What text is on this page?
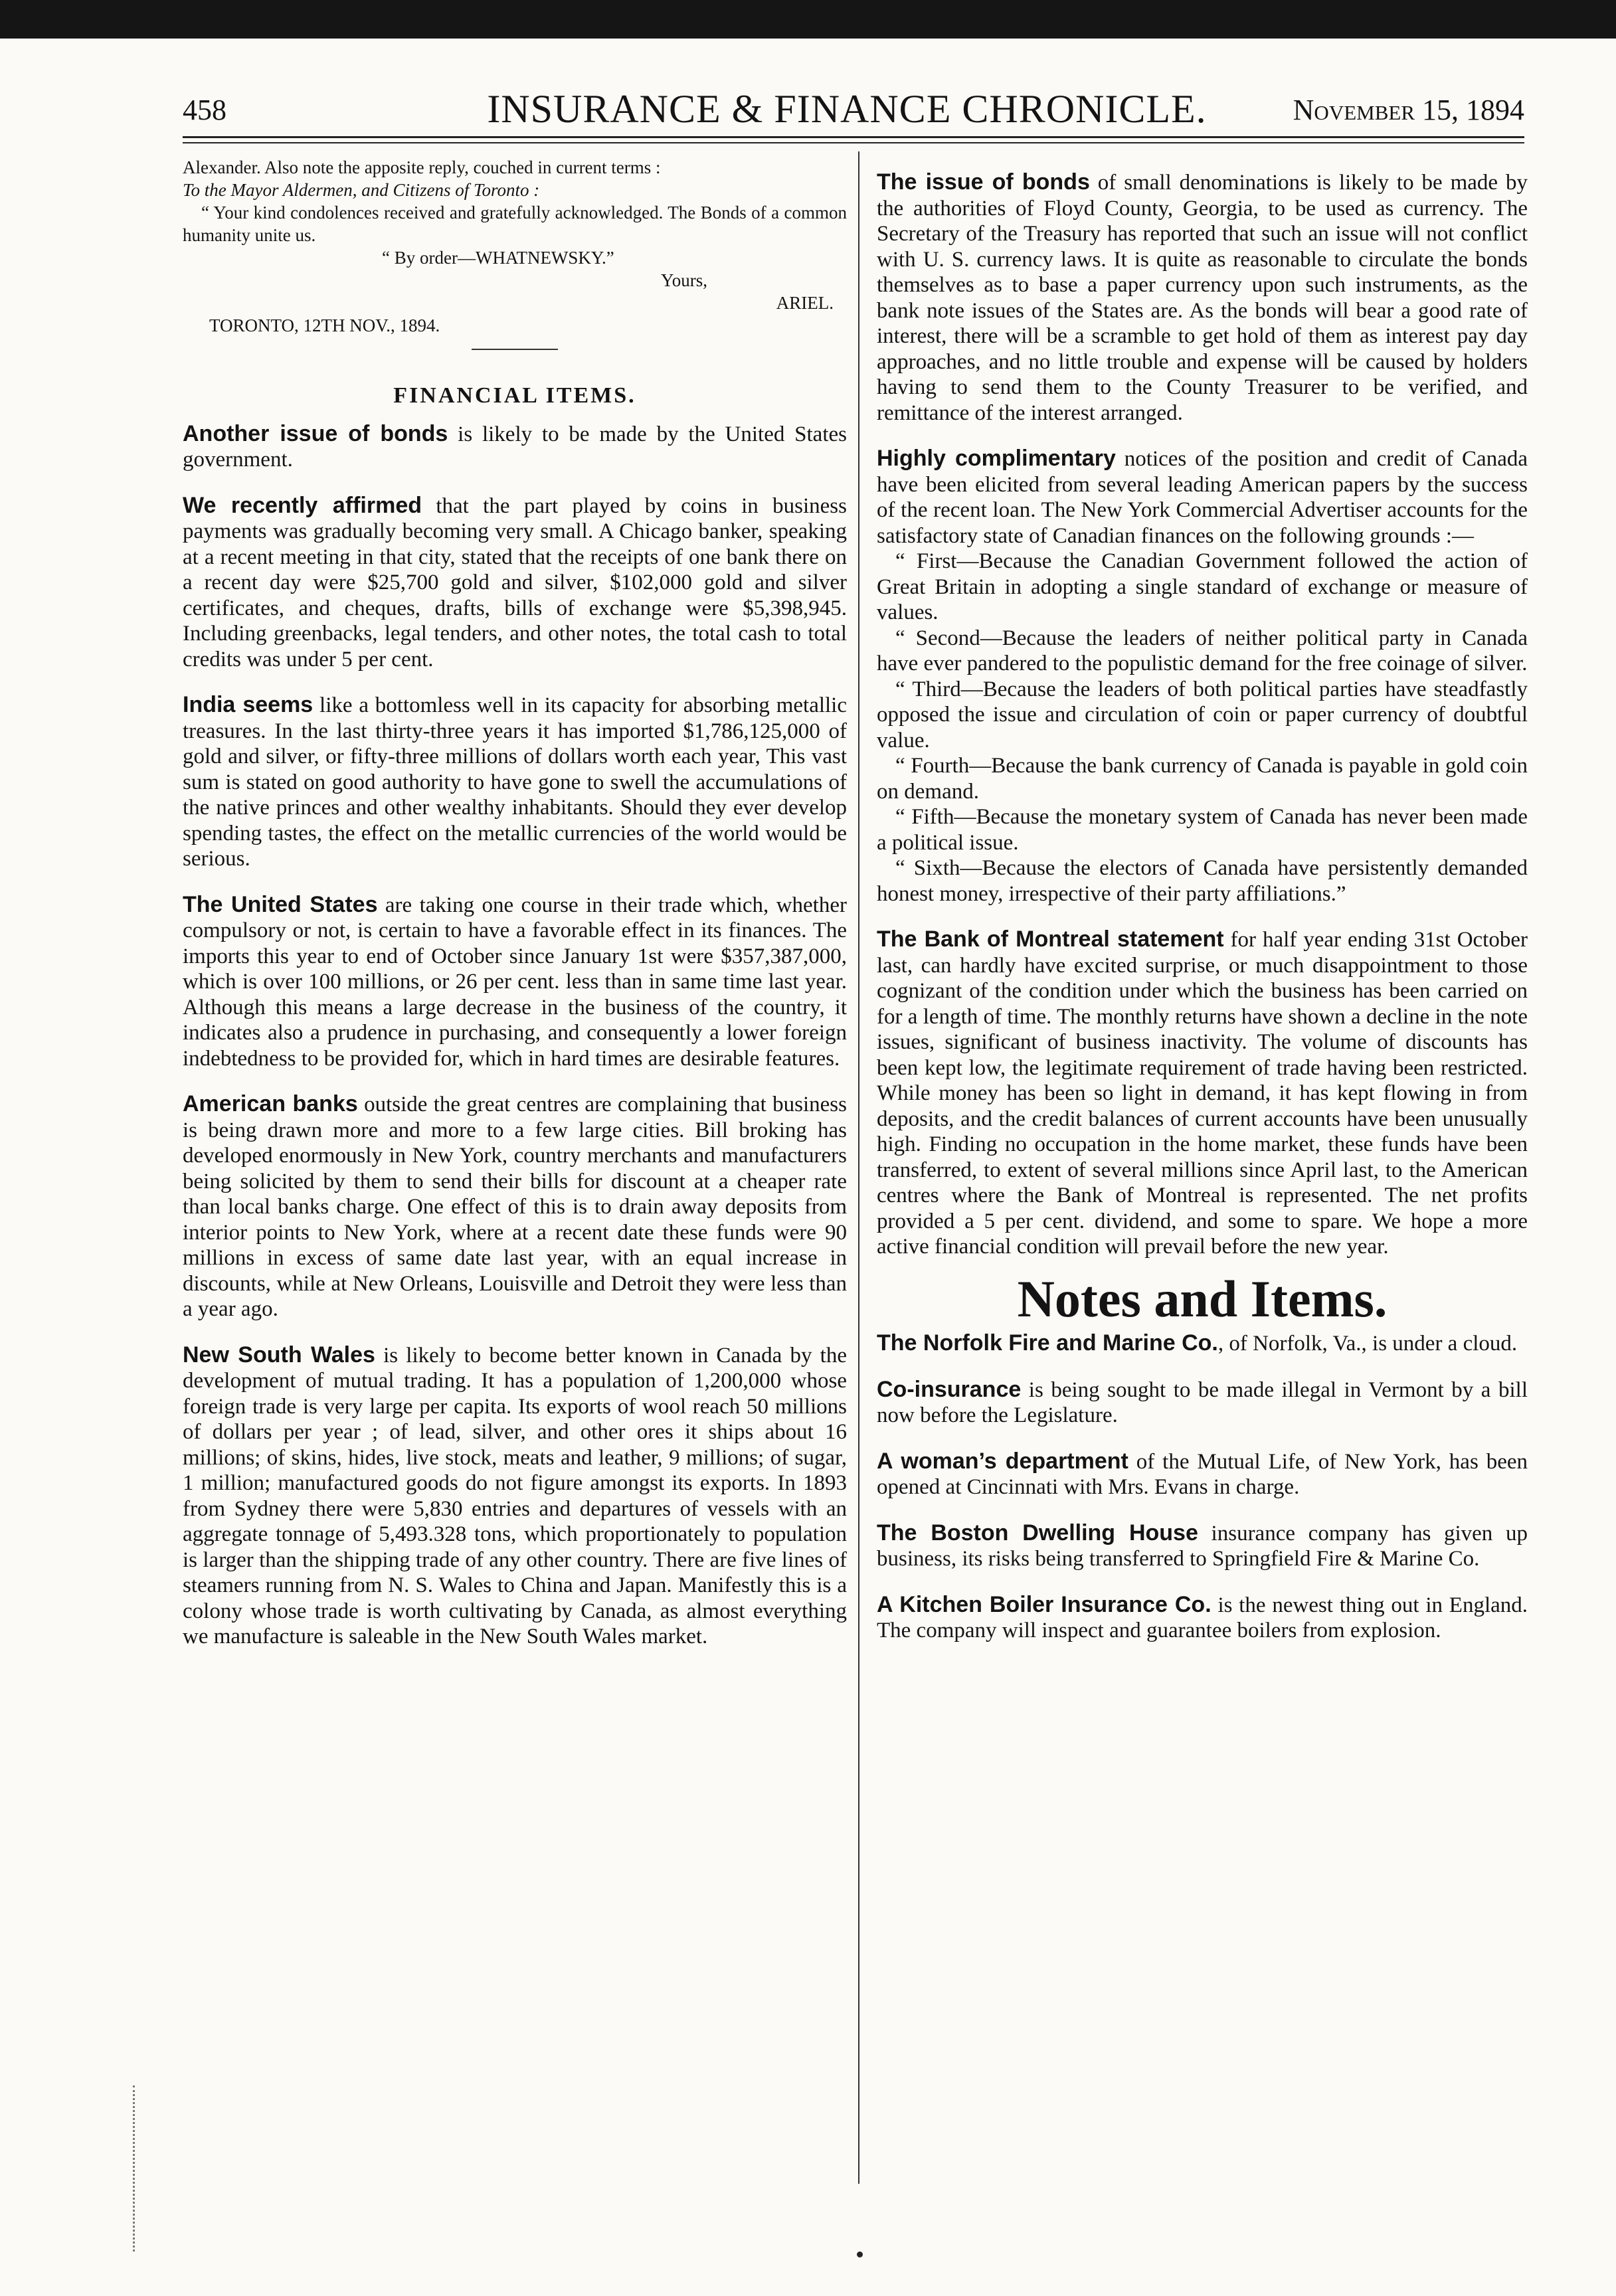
458	INSURANCE & FINANCE CHRONICLE.	November 15, 1894

Alexander. Also note the apposite reply, couched in current terms :

To the Mayor Aldermen, and Citizens of Toronto :

“ Your kind condolences received and gratefully acknowledged. The Bonds of a common humanity unite us.

“ By order—WHATNEWSKY.”

Yours,

ARIEL.

TORONTO, 12TH NOV., 1894.

FINANCIAL ITEMS.

Another issue of bonds is likely to be made by the United States government.

We recently affirmed that the part played by coins in business payments was gradually becoming very small. A Chicago banker, speaking at a recent meeting in that city, stated that the receipts of one bank there on a recent day were $25,700 gold and silver, $102,000 gold and silver certificates, and cheques, drafts, bills of exchange were $5,398,945. Including greenbacks, legal tenders, and other notes, the total cash to total credits was under 5 per cent.

India seems like a bottomless well in its capacity for absorbing metallic treasures. In the last thirty-three years it has imported $1,786,125,000 of gold and silver, or fifty-three millions of dollars worth each year, This vast sum is stated on good authority to have gone to swell the accumulations of the native princes and other wealthy inhabitants. Should they ever develop spending tastes, the effect on the metallic currencies of the world would be serious.

The United States are taking one course in their trade which, whether compulsory or not, is certain to have a favorable effect in its finances. The imports this year to end of October since January 1st were $357,387,000, which is over 100 millions, or 26 per cent. less than in same time last year. Although this means a large decrease in the business of the country, it indicates also a prudence in purchasing, and consequently a lower foreign indebtedness to be provided for, which in hard times are desirable features.

American banks outside the great centres are complaining that business is being drawn more and more to a few large cities. Bill broking has developed enormously in New York, country merchants and manufacturers being solicited by them to send their bills for discount at a cheaper rate than local banks charge. One effect of this is to drain away deposits from interior points to New York, where at a recent date these funds were 90 millions in excess of same date last year, with an equal increase in discounts, while at New Orleans, Louisville and Detroit they were less than a year ago.

New South Wales is likely to become better known in Canada by the development of mutual trading. It has a population of 1,200,000 whose foreign trade is very large per capita. Its exports of wool reach 50 millions of dollars per year ; of lead, silver, and other ores it ships about 16 millions; of skins, hides, live stock, meats and leather, 9 millions; of sugar, 1 million; manufactured goods do not figure amongst its exports. In 1893 from Sydney there were 5,830 entries and departures of vessels with an aggregate tonnage of 5,493.328 tons, which proportionately to population is larger than the shipping trade of any other country. There are five lines of steamers running from N. S. Wales to China and Japan. Manifestly this is a colony whose trade is worth cultivating by Canada, as almost everything we manufacture is saleable in the New South Wales market.

The issue of bonds of small denominations is likely to be made by the authorities of Floyd County, Georgia, to be used as currency. The Secretary of the Treasury has reported that such an issue will not conflict with U. S. currency laws. It is quite as reasonable to circulate the bonds themselves as to base a paper currency upon such instruments, as the bank note issues of the States are. As the bonds will bear a good rate of interest, there will be a scramble to get hold of them as interest pay day approaches, and no little trouble and expense will be caused by holders having to send them to the County Treasurer to be verified, and remittance of the interest arranged.

Highly complimentary notices of the position and credit of Canada have been elicited from several leading American papers by the success of the recent loan. The New York Commercial Advertiser accounts for the satisfactory state of Canadian finances on the following grounds :—

“ First—Because the Canadian Government followed the action of Great Britain in adopting a single standard of exchange or measure of values.

“ Second—Because the leaders of neither political party in Canada have ever pandered to the populistic demand for the free coinage of silver.

“ Third—Because the leaders of both political parties have steadfastly opposed the issue and circulation of coin or paper currency of doubtful value.

“ Fourth—Because the bank currency of Canada is payable in gold coin on demand.

“ Fifth—Because the monetary system of Canada has never been made a political issue.

“ Sixth—Because the electors of Canada have persistently demanded honest money, irrespective of their party affiliations.”

The Bank of Montreal statement for half year ending 31st October last, can hardly have excited surprise, or much disappointment to those cognizant of the condition under which the business has been carried on for a length of time. The monthly returns have shown a decline in the note issues, significant of business inactivity. The volume of discounts has been kept low, the legitimate requirement of trade having been restricted. While money has been so light in demand, it has kept flowing in from deposits, and the credit balances of current accounts have been unusually high. Finding no occupation in the home market, these funds have been transferred, to extent of several millions since April last, to the American centres where the Bank of Montreal is represented. The net profits provided a 5 per cent. dividend, and some to spare. We hope a more active financial condition will prevail before the new year.

Notes and Items.

The Norfolk Fire and Marine Co., of Norfolk, Va., is under a cloud.

Co-insurance is being sought to be made illegal in Vermont by a bill now before the Legislature.

A woman’s department of the Mutual Life, of New York, has been opened at Cincinnati with Mrs. Evans in charge.

The Boston Dwelling House insurance company has given up business, its risks being transferred to Springfield Fire & Marine Co.

A Kitchen Boiler Insurance Co. is the newest thing out in England. The company will inspect and guarantee boilers from explosion.
